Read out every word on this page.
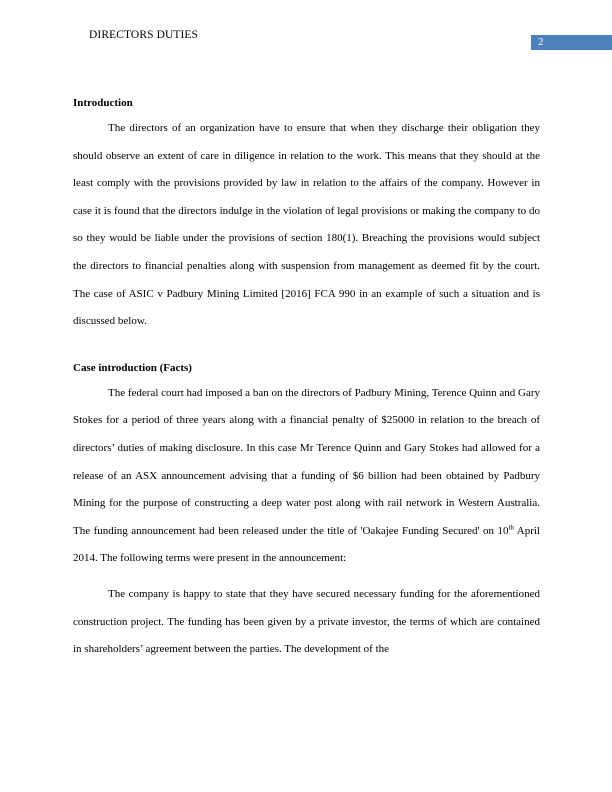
DIRECTORS DUTIES
2
Introduction

The directors of an organization have to ensure that when they discharge their obligation they should observe an extent of care in diligence in relation to the work. This means that they should at the least comply with the provisions provided by law in relation to the affairs of the company. However in case it is found that the directors indulge in the violation of legal provisions or making the company to do so they would be liable under the provisions of section 180(1). Breaching the provisions would subject the directors to financial penalties along with suspension from management as deemed fit by the court. The case of ASIC v Padbury Mining Limited [2016] FCA 990 in an example of such a situation and is discussed below.

Case introduction (Facts)

The federal court had imposed a ban on the directors of Padbury Mining, Terence Quinn and Gary Stokes for a period of three years along with a financial penalty of $25000 in relation to the breach of directors’ duties of making disclosure. In this case Mr Terence Quinn and Gary Stokes had allowed for a release of an ASX announcement advising that a funding of $6 billion had been obtained by Padbury Mining for the purpose of constructing a deep water post along with rail network in Western Australia. The funding announcement had been released under the title of 'Oakajee Funding Secured' on 10th April 2014. The following terms were present in the announcement:

The company is happy to state that they have secured necessary funding for the aforementioned construction project. The funding has been given by a private investor, the terms of which are contained in shareholders’ agreement between the parties. The development of the
